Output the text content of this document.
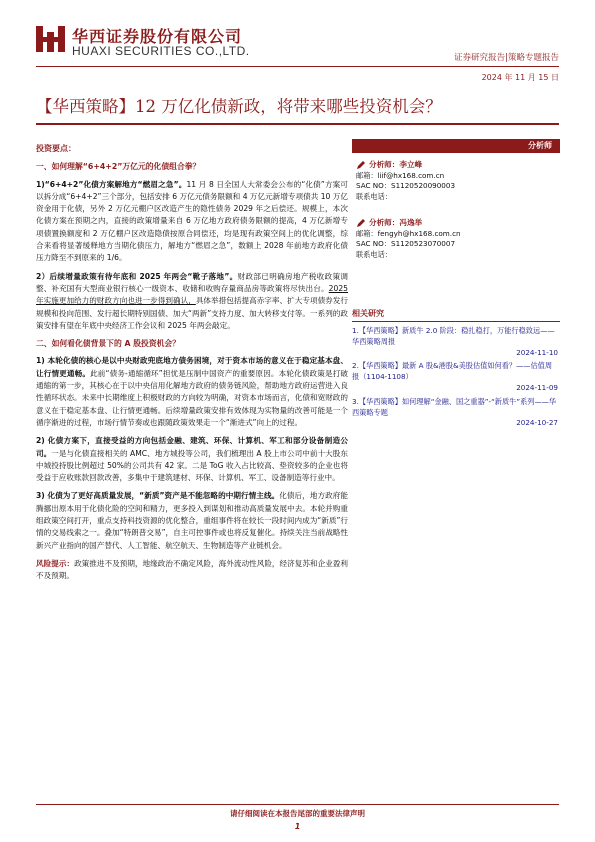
华西证券股份有限公司
HUAXI SECURITIES CO.,LTD.	证券研究报告|策略专题报告
2024 年 11 月 15 日
【华西策略】12 万亿化债新政，将带来哪些投资机会？

投资要点：

一、如何理解“6+4+2”万亿元的化债组合拳？

1)“6+4+2”化债方案解地方“燃眉之急”。11 月 8 日全国人大常委会公布的“化债”方案可以拆分成“6+4+2”三个部分，包括安排 6 万亿元债务限额和 4 万亿元新增专项债共 10 万亿资金用于化债，另外 2 万亿元棚户区改造产生的隐性债务 2029 年之后偿还。规模上，本次化债方案在预期之内，直接的政策增量来自 6 万亿地方政府债务限额的提高，4 万亿新增专项债置换额度和 2 万亿棚户区改造隐债按原合同偿还，均是现有政策空间上的优化调整，综合来看将显著缓释地方当期化债压力，解地方“燃眉之急”，数额上 2028 年前地方政府化债压力降至不到原来的 1/6。

2）后续增量政策有待年底和 2025 年两会“靴子落地”。财政部已明确房地产税收政策调整、补充国有大型商业银行核心一级资本、收储和收购存量商品房等政策将尽快出台。2025 年实施更加给力的财政方向也进一步得到确认，具体举措包括提高赤字率、扩大专项债券发行规模和投向范围、发行超长期特别国债、加大“两新”支持力度、加大转移支付等。一系列的政策安排有望在年底中央经济工作会议和 2025 年两会敲定。

二、如何看化债背景下的 A 股投资机会？

1) 本轮化债的核心是以中央财政兜底地方债务困境，对于资本市场的意义在于稳定基本盘、让行情更通畅。此前“债务-通缩循环”担忧是压制中国资产的重要原因。本轮化债政策是打破通缩的第一步，其核心在于以中央信用化解地方政府的债务链风险，帮助地方政府运营进入良性循环状态。未来中长期维度上积极财政的方向较为明确，对资本市场而言，化债和宽财政的意义在于稳定基本盘、让行情更通畅。后续增量政策安排有效体现为实物量的改善可能是一个循序渐进的过程，市场行情节奏或也跟随政策效果走一个“渐进式”向上的过程。

2) 化债方案下，直接受益的方向包括金融、建筑、环保、计算机、军工和部分设备制造公司。一是与化债直接相关的 AMC、地方城投等公司，我们梳理出 A 股上市公司中前十大股东中城投持股比例超过 50%的公司共有 42 家。二是 ToG 收入占比较高、垫资较多的企业也将受益于应收账款回款改善，多集中于建筑建材、环保、计算机、军工、设备制造等行业中。

3) 化债为了更好高质量发展，“新质”资产是不能忽略的中期行情主线。化债后，地方政府能腾挪出原本用于化债化险的空间和精力，更多投入到谋划和推动高质量发展中去。本轮并购重组政策空间打开，重点支持科技资源的优化整合，重组事件将在较长一段时间内成为“新质”行情的交易线索之一。叠加“特朗普交易”，自主可控事件或也将反复催化。持续关注当前战略性新兴产业指向的国产替代、人工智能、航空航天、生物制造等产业链机会。

风险提示：政策推进不及预期，地缘政治不确定风险，海外流动性风险，经济复苏和企业盈利不及预期。

分析师
分析师：李立峰
邮箱：liif@hx168.com.cn
SAC NO：S1120520090003
联系电话：
分析师：冯逸举
邮箱：fengyh@hx168.com.cn
SAC NO：S1120523070007
联系电话：
相关研究
1.【华西策略】新质牛 2.0 阶段：稳扎稳打，万能行稳致远——华西策略周报
2024-11-10
2.【华西策略】最新 A 股&港股&美股估值如何看？——估值周报（1104-1108）
2024-11-09
3.【华西策略】如何理解“金融、国之重器”-“新质牛”系列——华西策略专题
2024-10-27
请仔细阅读在本报告尾部的重要法律声明
1
